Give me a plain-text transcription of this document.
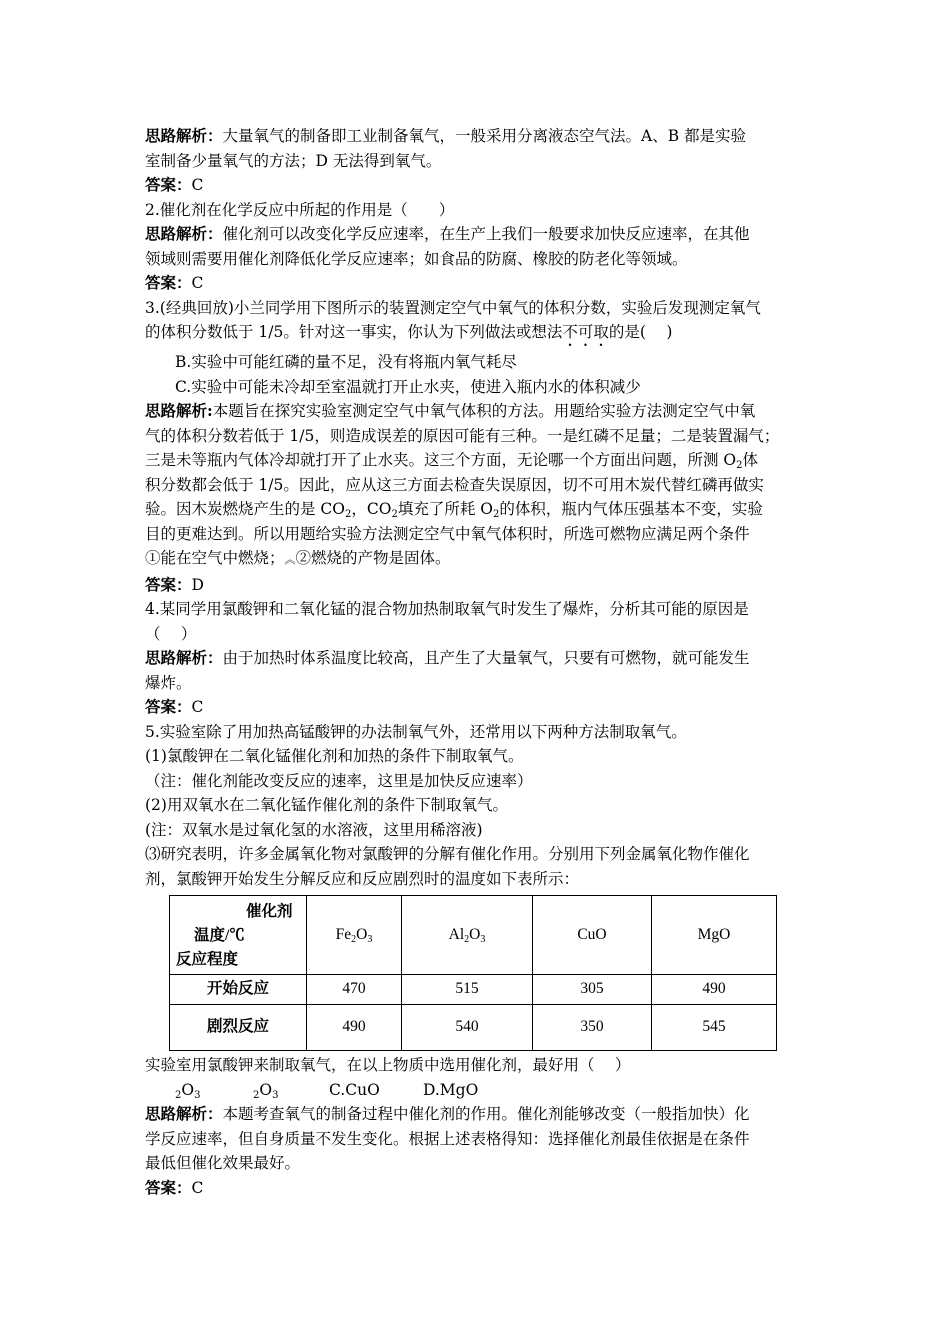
思路解析：大量氧气的制备即工业制备氧气，一般采用分离液态空气法。A、B 都是实验
室制备少量氧气的方法；D 无法得到氧气。
答案：C
2.催化剂在化学反应中所起的作用是（　　）
思路解析：催化剂可以改变化学反应速率，在生产上我们一般要求加快反应速率，在其他
领域则需要用催化剂降低化学反应速率；如食品的防腐、橡胶的防老化等领域。
答案：C
3.(经典回放)小兰同学用下图所示的装置测定空气中氧气的体积分数，实验后发现测定氧气
的体积分数低于 1/5。针对这一事实，你认为下列做法或想法不可取的是(　 )
B.实验中可能红磷的量不足，没有将瓶内氧气耗尽
C.实验中可能未冷却至室温就打开止水夹，使进入瓶内水的体积减少
思路解析:本题旨在探究实验室测定空气中氧气体积的方法。用题给实验方法测定空气中氧
气的体积分数若低于 1/5，则造成误差的原因可能有三种。一是红磷不足量；二是装置漏气；
三是未等瓶内气体冷却就打开了止水夹。这三个方面，无论哪一个方面出问题，所测 $O_2$体
积分数都会低于 1/5。因此，应从这三方面去检查失误原因，切不可用木炭代替红磷再做实
验。因木炭燃烧产生的是 $CO_2$，$CO_2$填充了所耗 $O_2$的体积，瓶内气体压强基本不变，实验
目的更难达到。所以用题给实验方法测定空气中氧气体积时，所选可燃物应满足两个条件
①能在空气中燃烧；︽②燃烧的产物是固体。
答案：D
4.某同学用氯酸钾和二氧化锰的混合物加热制取氧气时发生了爆炸，分析其可能的原因是
（　 ）
思路解析：由于加热时体系温度比较高，且产生了大量氧气，只要有可燃物，就可能发生
爆炸。
答案：C
5.实验室除了用加热高锰酸钾的办法制氧气外，还常用以下两种方法制取氧气。
(1)氯酸钾在二氧化锰催化剂和加热的条件下制取氧气。
（注：催化剂能改变反应的速率，这里是加快反应速率）
(2)用双氧水在二氧化锰作催化剂的条件下制取氧气。
(注：双氧水是过氧化氢的水溶液，这里用稀溶液)
⑶研究表明，许多金属氧化物对氯酸钾的分解有催化作用。分别用下列金属氧化物作催化
剂，氯酸钾开始发生分解反应和反应剧烈时的温度如下表所示：
催化剂
温度/℃
反应程度	$Fe_2O_3$	$Al_2O_3$	CuO	MgO
开始反应	470	515	305	490
剧烈反应	490	540	350	545
实验室用氯酸钾来制取氧气，在以上物质中选用催化剂，最好用（　 ）
$_2O_3$	$_2O_3$	C.CuO	D.MgO
思路解析：本题考查氧气的制备过程中催化剂的作用。催化剂能够改变（一般指加快）化
学反应速率，但自身质量不发生变化。根据上述表格得知：选择催化剂最佳依据是在条件
最低但催化效果最好。
答案：C
